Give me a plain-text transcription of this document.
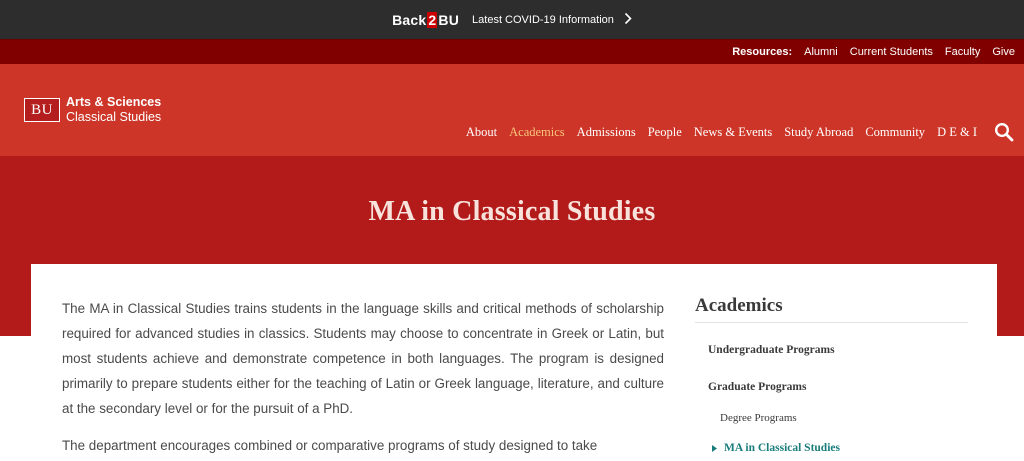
Back 2 BU Latest COVID-19 Information
Resources: Alumni Current Students Faculty Give
BU	Arts & Sciences
Classical Studies
About Academics Admissions People News & Events Study Abroad Community D E & I
MA in Classical Studies

The MA in Classical Studies trains students in the language skills and critical methods of scholarship required for advanced studies in classics. Students may choose to concentrate in Greek or Latin, but most students achieve and demonstrate competence in both languages. The program is designed primarily to prepare students either for the teaching of Latin or Greek language, literature, and culture at the secondary level or for the pursuit of a PhD.

The department encourages combined or comparative programs of study designed to take

Academics
Undergraduate Programs
Graduate Programs
Degree Programs
MA in Classical Studies
